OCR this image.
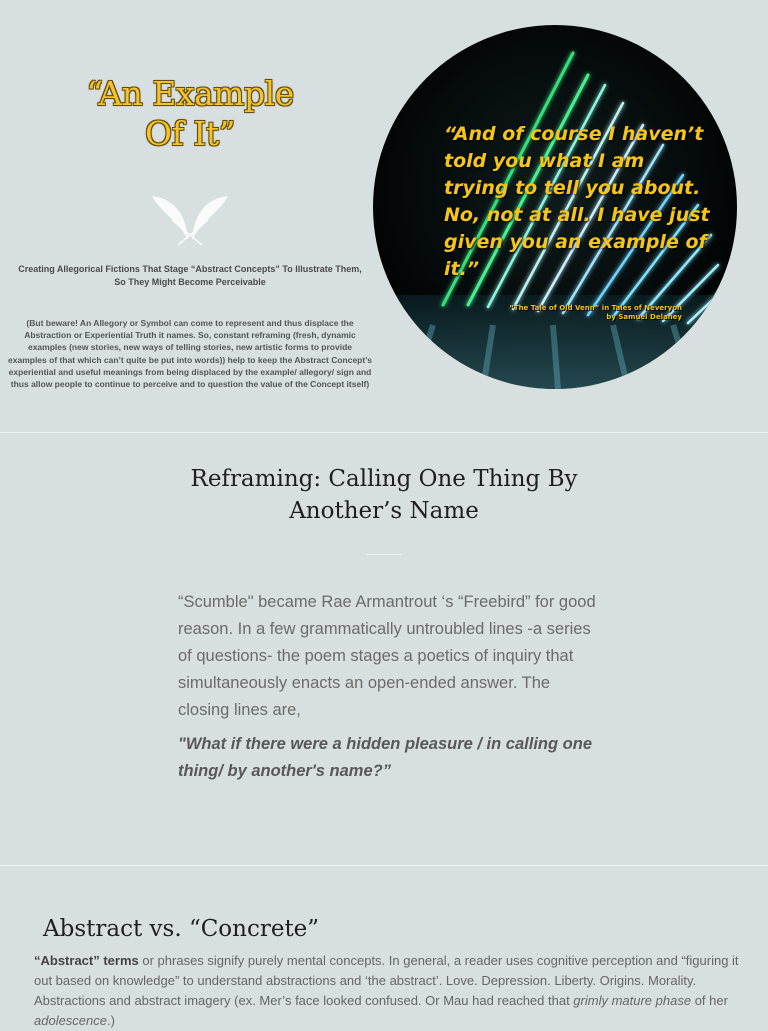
“An Example
Of It”
Creating Allegorical Fictions That Stage “Abstract Concepts” To Illustrate Them, So They Might Become Perceivable
(But beware! An Allegory or Symbol can come to represent and thus displace the Abstraction or Experiential Truth it names. So, constant reframing (fresh, dynamic examples (new stories, new ways of telling stories, new artistic forms to provide examples of that which can’t quite be put into words)) help to keep the Abstract Concept’s experiential and useful meanings from being displaced by the example/ allegory/ sign and thus allow people to continue to perceive and to question the value of the Concept itself)
“And of course I haven’t told you what I am trying to tell you about. No, not at all. I have just given you an example of it.”
“The Tale of Old Venn” in Tales of Neveryon
by Samuel Delaney
Reframing: Calling One Thing By
Another’s Name
“Scumble" became Rae Armantrout ‘s “Freebird” for good reason. In a few grammatically untroubled lines -a series of questions- the poem stages a poetics of inquiry that simultaneously enacts an open-ended answer. The closing lines are,
"What if there were a hidden pleasure / in calling one thing/ by another's name?”
Abstract vs. “Concrete”
“Abstract” terms or phrases signify purely mental concepts. In general, a reader uses cognitive perception and “figuring it out based on knowledge” to understand abstractions and ‘the abstract’. Love. Depression. Liberty. Origins. Morality. Abstractions and abstract imagery (ex. Mer’s face looked confused. Or Mau had reached that grimly mature phase of her adolescence.)
